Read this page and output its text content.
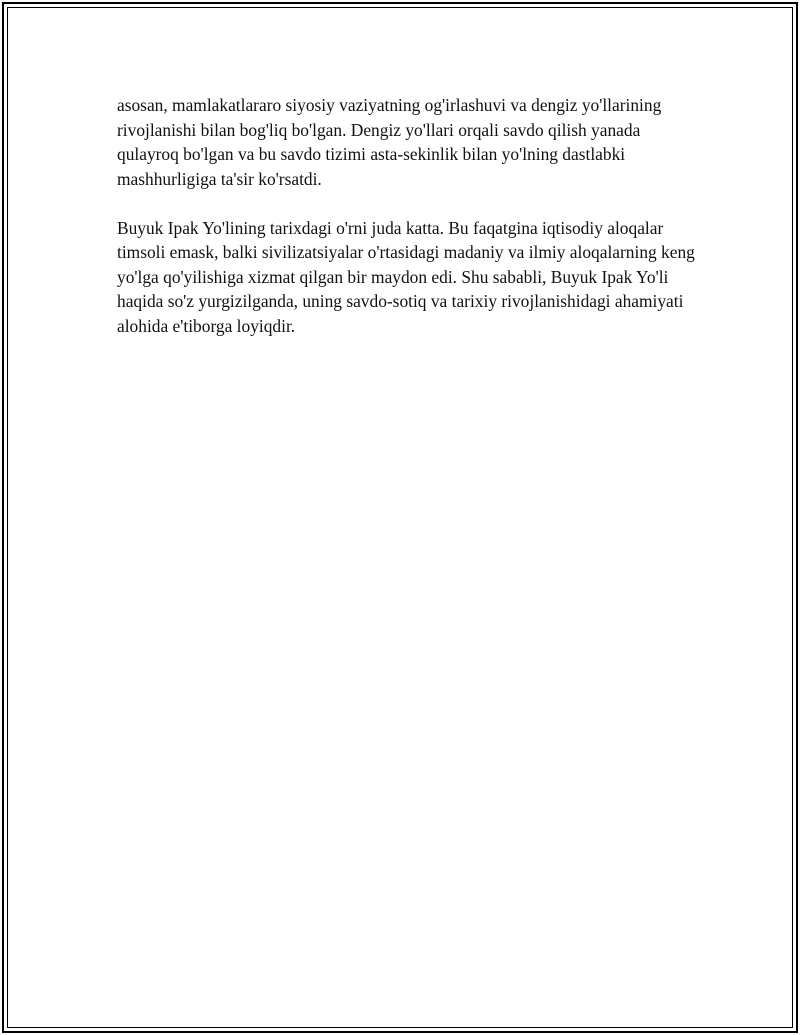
asosan, mamlakatlararo siyosiy vaziyatning og'irlashuvi va dengiz yo'llarining rivojlanishi bilan bog'liq bo'lgan. Dengiz yo'llari orqali savdo qilish yanada qulayroq bo'lgan va bu savdo tizimi asta-sekinlik bilan yo'lning dastlabki mashhurligiga ta'sir ko'rsatdi.

Buyuk Ipak Yo'lining tarixdagi o'rni juda katta. Bu faqatgina iqtisodiy aloqalar timsoli emask, balki sivilizatsiyalar o'rtasidagi madaniy va ilmiy aloqalarning keng yo'lga qo'yilishiga xizmat qilgan bir maydon edi. Shu sababli, Buyuk Ipak Yo'li haqida so'z yurgizilganda, uning savdo-sotiq va tarixiy rivojlanishidagi ahamiyati alohida e'tiborga loyiqdir.
